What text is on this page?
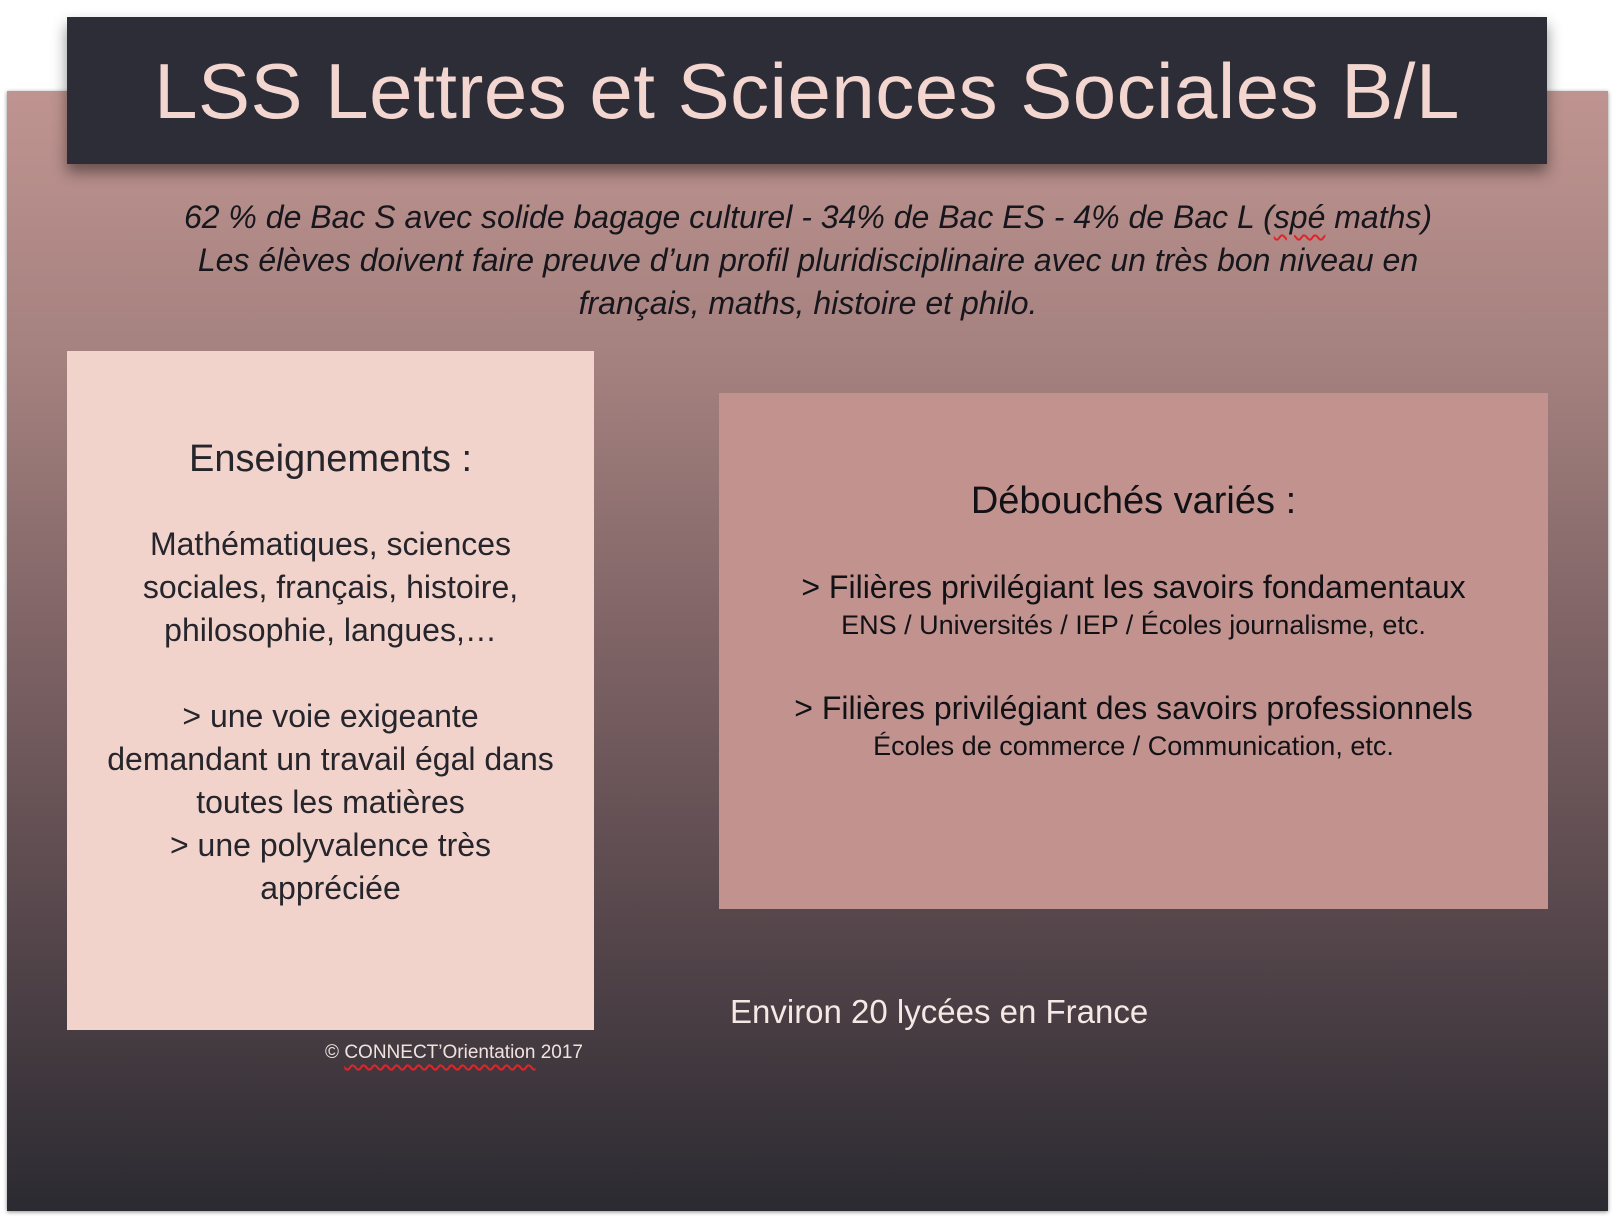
LSS Lettres et Sciences Sociales B/L
62 % de Bac S avec solide bagage culturel - 34% de Bac ES - 4% de Bac L (spé maths)
Les élèves doivent faire preuve d’un profil pluridisciplinaire avec un très bon niveau en
français, maths, histoire et philo.
Enseignements :
Mathématiques, sciences
sociales, français, histoire,
philosophie, langues,…
> une voie exigeante
demandant un travail égal dans
toutes les matières
> une polyvalence très
appréciée
© CONNECT’Orientation 2017
Débouchés variés :
> Filières privilégiant les savoirs fondamentaux
ENS / Universités / IEP / Écoles journalisme, etc.
> Filières privilégiant des savoirs professionnels
Écoles de commerce / Communication, etc.
Environ 20 lycées en France
